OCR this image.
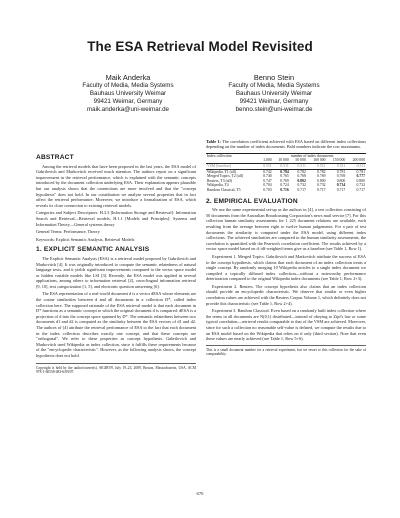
The ESA Retrieval Model Revisited
Maik Anderka
Faculty of Media, Media Systems
Bauhaus University Weimar
99421 Weimar, Germany
maik.anderka@uni-weimar.de
Benno Stein
Faculty of Media, Media Systems
Bauhaus University Weimar
99421 Weimar, Germany
benno.stein@uni-weimar.de
ABSTRACT

Among the retrieval models that have been proposed in the last years, the ESA model of Gabrilovich and Markovitch received much attention. The authors report on a significant improvement in the retrieval performance, which is explained with the semantic concepts introduced by the document collection underlying ESA. Their explanation appears plausible but our analysis shows that the connections are more involved and that the "concept hypothesis" does not hold. In our contribution we analyze several properties that in fact affect the retrieval performance. Moreover, we introduce a formalization of ESA, which reveals its close connection to existing retrieval models.

Categories and Subject Descriptors: H.3.3 [Information Storage and Retrieval]: Information Search and Retrieval—Retrieval models; H.1.1 [Models and Principles]: Systems and Information Theory—General systems theory

General Terms: Performance, Theory

Keywords: Explicit Semantic Analysis, Retrieval Models

1. EXPLICIT SEMANTIC ANALYSIS

The Explicit Semantic Analysis (ESA) is a retrieval model proposed by Gabrilovich and Markovitch [4]. It was originally introduced to compute the semantic relatedness of natural language texts, and it yields significant improvements compared to the vector space model or hidden variable models like LSI [3]. Recently, the ESA model was applied in several applications, among others to information retrieval [2], cross-lingual information retrieval [9, 10], text categorization [1, 5], and electronic question answering [6].

The ESA representation of a real-world document d is a vector dESA whose elements are the cosine similarities between d and all documents in a collection D*, called index collection here. The supposed rationale of the ESA retrieval model is that each document in D* functions as a semantic concept to which the original document d is compared: dESA is a projection of d into the concept space spanned by D*. The semantic relatedness between two documents d1 and d2 is computed as the similarity between the ESA vectors of d1 and d2. The authors of [4] attribute the retrieval performance of ESA to the fact that each document in the index collection describes exactly one concept, and that these concepts are "orthogonal". We refer to these properties as concept hypothesis. Gabrilovich and Markovitch used Wikipedia as index collection, since it fulfills these requirements because of the "encyclopedic characteristic". However, as the following analysis shows, the concept hypothesis does not hold.

Copyright is held by the author/owner(s). SIGIR'09, July 19–23, 2009, Boston, Massachusetts, USA. ACM 978-1-60558-483-6/09/07.

Table 1: The correlation coefficient achieved with ESA based on different index collections depending on the number of index documents. Bold numbers indicate the row maximums.
Index collection	number of index documents					
	1,000	10 000	50 000	100 000	150 000	200 000
VSM (baseline)	0.511	0.511	0.511	0.511	0.511	0.511
Wikipedia, T1 (all)	0.742	0.784	0.782	0.782	0.781	0.781
Merged Topics, T2 (all)	0.740	0.765	0.768	0.769	0.769	0.777
Reuters, T3 (all)	0.747	0.769	0.802	0.800	0.800	0.800
Wikipedia, T4	0.704	0.724	0.732	0.732	0.734	0.732
Random Classical, T5	0.703	0.716	0.717	0.717	0.717	0.717
2. EMPIRICAL EVALUATION

We use the same experimental set-up as the authors in [4], a test collection consisting of 50 documents from the Australian Broadcasting Corporation's news mail service [7]. For this collection human similarity assessments for 1 225 document relations are available, each resulting from the average between eight to twelve human judgements. For a pair of test documents the similarity is computed under the ESA model, using different index collections. The achieved similarities are compared to the human similarity assessments, the correlation is quantified with the Pearson's correlation coefficient. The results achieved by a vector space model based on tf·idf-weighted terms give us a baseline (see Table 1, Row 1).

Experiment 1. Merged Topics. Gabrilovich and Markovitch attribute the success of ESA to the concept hypothesis, which claims that each document of an index collection treats a single concept. By randomly merging 10 Wikipedia articles to a single index document we compiled a topically diffused index collection—without a noteworthy performance deterioration compared to the original Wikipedia index documents (see Table 1, Row 2+3).

Experiment 2. Reuters. The concept hypothesis also claims that an index collection should provide an encyclopedic characteristic. We observe that similar or even higher correlation values are achieved with the Reuters Corpus Volume 1, which definitely does not provide this characteristic (see Table 1, Row 2+4).

Experiment 3. Random Classical. Even based on a randomly built index collection where the terms in all documents are N(0,1) distributed—instead of obeying to Zipf's law or some typical correlation—retrieval results comparable to that of the VSM are achieved. Moreover, since for such a collection no reasonable self-value is defined, we compute the results due to an ESA model based on the Wikipedia that relies on tf only (third section). Note that even these values are nearly achieved (see Table 1, Row 5+6).

This is a small document number for a retrieval experiment, but we resort to this collection for the sake of comparability.
670
